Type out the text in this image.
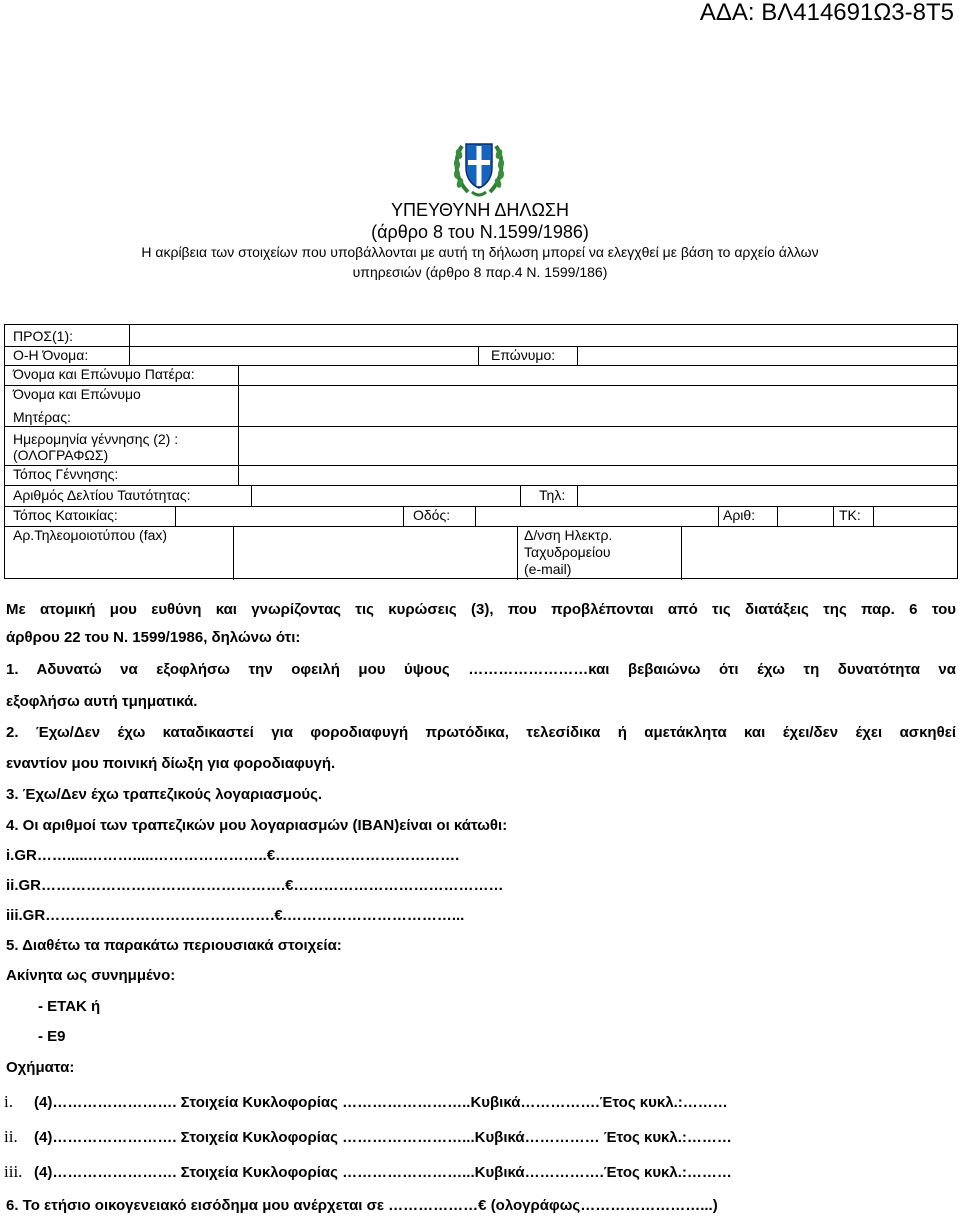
ΑΔΑ: ΒΛ414691Ω3-8Τ5
ΥΠΕΥΘΥΝΗ ΔΗΛΩΣΗ
(άρθρο 8 του Ν.1599/1986)
Η ακρίβεια των στοιχείων που υποβάλλονται με αυτή τη δήλωση μπορεί να ελεγχθεί με βάση το αρχείο άλλων
υπηρεσιών (άρθρο 8 παρ.4 Ν. 1599/186)
ΠΡΟΣ(1):
Ο-Η Όνομα:	Επώνυμο:
Όνομα και Επώνυμο Πατέρα:
Όνομα και Επώνυμο
Μητέρας:
Ημερομηνία γέννησης (2) :
(ΟΛΟΓΡΑΦΩΣ)
Τόπος Γέννησης:
Αριθμός Δελτίου Ταυτότητας:	Τηλ:
Τόπος Κατοικίας:	Οδός:	Αριθ:	ΤΚ:
Αρ.Τηλεομοιοτύπου (fax)	Δ/νση Ηλεκτρ.
Ταχυδρομείου
(e-mail)
Με ατομική μου ευθύνη και γνωρίζοντας τις κυρώσεις (3), που προβλέπονται από τις διατάξεις της παρ. 6 του
άρθρου 22 του Ν. 1599/1986, δηλώνω ότι:
1. Αδυνατώ να εξοφλήσω την οφειλή μου ύψους ……………………και βεβαιώνω ότι έχω τη δυνατότητα να
εξοφλήσω αυτή τμηματικά.
2. Έχω/Δεν έχω καταδικαστεί για φοροδιαφυγή πρωτόδικα, τελεσίδικα ή αμετάκλητα και έχει/δεν έχει ασκηθεί
εναντίον μου ποινική δίωξη για φοροδιαφυγή.
3. Έχω/Δεν έχω τραπεζικούς λογαριασμούς.
4. Οι αριθμοί των τραπεζικών μου λογαριασμών (IBAN)είναι οι κάτωθι:
i.GR…….....……….....…………………..€……………………………….
ii.GR………………………………………….€……………………………………
iii.GR……………………………………….€.……………………………...
5. Διαθέτω τα παρακάτω περιουσιακά στοιχεία:
Ακίνητα ως συνημμένο:
- ΕΤΑΚ ή
- Ε9
Οχήματα:
i.	(4)……………………. Στοιχεία Κυκλοφορίας ……………………..Κυβικά…………….Έτος κυκλ.:………
ii.	(4)……………………. Στοιχεία Κυκλοφορίας ……………………...Κυβικά…………… Έτος κυκλ.:………
iii. (4)……………………. Στοιχεία Κυκλοφορίας ……………………...Κυβικά…………….Έτος κυκλ.:………
6. Το ετήσιο οικογενειακό εισόδημα μου ανέρχεται σε ………………€ (ολογράφως……………………...)
